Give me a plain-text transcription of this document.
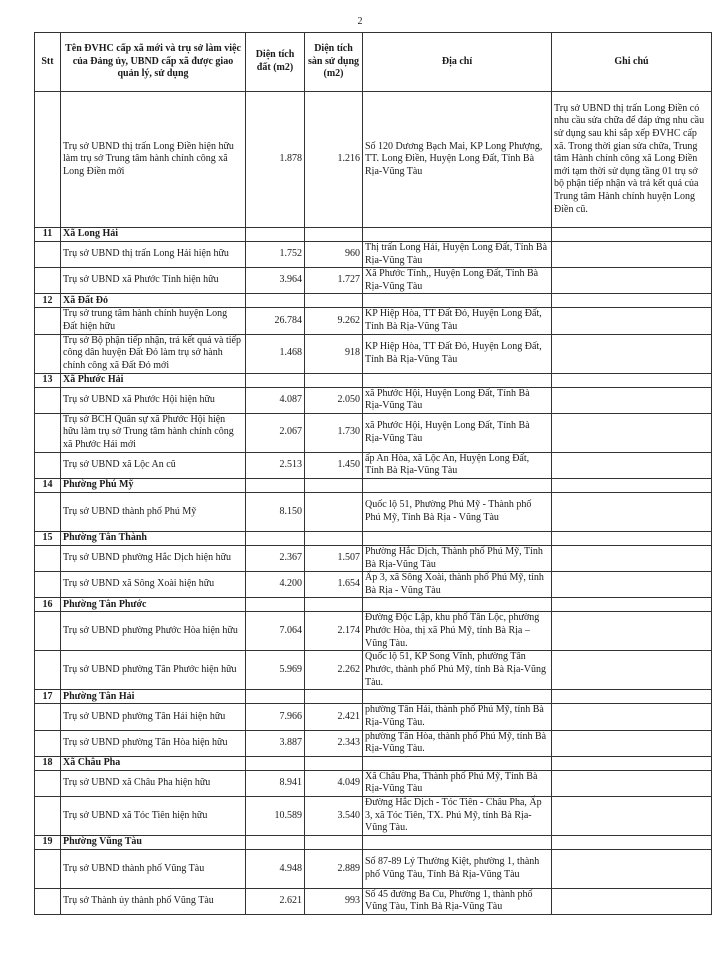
2
Stt	Tên ĐVHC cấp xã mới và trụ sở làm việc của Đảng ủy, UBND cấp xã được giao quản lý, sử dụng	Diện tích đất (m2)	Diện tích sàn sử dụng (m2)	Địa chỉ	Ghi chú
	Trụ sở UBND thị trấn Long Điền hiện hữu làm trụ sở Trung tâm hành chính công xã Long Điền mới	1.878	1.216	Số 120 Dương Bạch Mai, KP Long Phượng, TT. Long Điền, Huyện Long Đất, Tỉnh Bà Rịa-Vũng Tàu	Trụ sở UBND thị trấn Long Điền có nhu cầu sửa chữa để đáp ứng nhu cầu sử dụng sau khi sắp xếp ĐVHC cấp xã. Trong thời gian sửa chữa, Trung tâm Hành chính công xã Long Điền mới tạm thời sử dụng tầng 01 trụ sở bộ phận tiếp nhận và trả kết quả của Trung tâm Hành chính huyện Long Điền cũ.
11	Xã Long Hải				
	Trụ sở UBND thị trấn Long Hải hiện hữu	1.752	960	Thị trấn Long Hải, Huyện Long Đất, Tỉnh Bà Rịa-Vũng Tàu	
	Trụ sở UBND xã Phước Tỉnh hiện hữu	3.964	1.727	Xã Phước Tỉnh,, Huyện Long Đất, Tỉnh Bà Rịa-Vũng Tàu	
12	Xã Đất Đỏ				
	Trụ sở trung tâm hành chính huyện Long Đất hiện hữu	26.784	9.262	KP Hiệp Hòa, TT Đất Đỏ, Huyện Long Đất, Tỉnh Bà Rịa-Vũng Tàu	
	Trụ sở Bộ phận tiếp nhận, trả kết quả và tiếp công dân huyện Đất Đỏ làm trụ sở hành chính công xã Đất Đỏ mới	1.468	918	KP Hiệp Hòa, TT Đất Đỏ, Huyện Long Đất, Tỉnh Bà Rịa-Vũng Tàu	
13	Xã Phước Hải				
	Trụ sở UBND xã Phước Hội hiện hữu	4.087	2.050	xã Phước Hội, Huyện Long Đất, Tỉnh Bà Rịa-Vũng Tàu	
	Trụ sở BCH Quân sự xã Phước Hội hiện hữu làm trụ sở Trung tâm hành chính công xã Phước Hải mới	2.067	1.730	xã Phước Hội, Huyện Long Đất, Tỉnh Bà Rịa-Vũng Tàu	
	Trụ sở UBND xã Lộc An cũ	2.513	1.450	ấp An Hòa, xã Lộc An, Huyện Long Đất, Tỉnh Bà Rịa-Vũng Tàu	
14	Phường Phú Mỹ				
	Trụ sở UBND thành phố Phú Mỹ	8.150		Quốc lộ 51, Phường Phú Mỹ - Thành phố Phú Mỹ, Tỉnh Bà Rịa - Vũng Tàu	
15	Phường Tân Thành				
	Trụ sở UBND phường Hắc Dịch hiện hữu	2.367	1.507	Phường Hắc Dịch, Thành phố Phú Mỹ, Tỉnh Bà Rịa-Vũng Tàu	
	Trụ sở UBND xã Sông Xoài hiện hữu	4.200	1.654	Ấp 3, xã Sông Xoài, thành phố Phú Mỹ, tỉnh Bà Rịa - Vũng Tàu	
16	Phường Tân Phước				
	Trụ sở UBND phường Phước Hòa hiện hữu	7.064	2.174	Đường Độc Lập, khu phố Tân Lộc, phường Phước Hòa, thị xã Phú Mỹ, tỉnh Bà Rịa – Vũng Tàu.	
	Trụ sở UBND phường Tân Phước hiện hữu	5.969	2.262	Quốc lộ 51, KP Song Vĩnh, phường Tân Phước, thành phố Phú Mỹ, tỉnh Bà Rịa-Vũng Tàu.	
17	Phường Tân Hải				
	Trụ sở UBND phường Tân Hải hiện hữu	7.966	2.421	phường Tân Hải, thành phố Phú Mỹ, tỉnh Bà Rịa-Vũng Tàu.	
	Trụ sở UBND phường Tân Hòa hiện hữu	3.887	2.343	phường Tân Hòa, thành phố Phú Mỹ, tỉnh Bà Rịa-Vũng Tàu.	
18	Xã Châu Pha				
	Trụ sở UBND xã Châu Pha hiện hữu	8.941	4.049	Xã Châu Pha, Thành phố Phú Mỹ, Tỉnh Bà Rịa-Vũng Tàu	
	Trụ sở UBND xã Tóc Tiên hiện hữu	10.589	3.540	Đường Hắc Dịch - Tóc Tiên - Châu Pha, Ấp 3, xã Tóc Tiên, TX. Phú Mỹ, tỉnh Bà Rịa-Vũng Tàu.	
19	Phường Vũng Tàu				
	Trụ sở UBND thành phố Vũng Tàu	4.948	2.889	Số 87-89 Lý Thường Kiệt, phường 1, thành phố Vũng Tàu, Tỉnh Bà Rịa-Vũng Tàu	
	Trụ sở Thành ủy thành phố Vũng Tàu	2.621	993	Số 45 đường Ba Cu, Phường 1, thành phố Vũng Tàu, Tỉnh Bà Rịa-Vũng Tàu	
